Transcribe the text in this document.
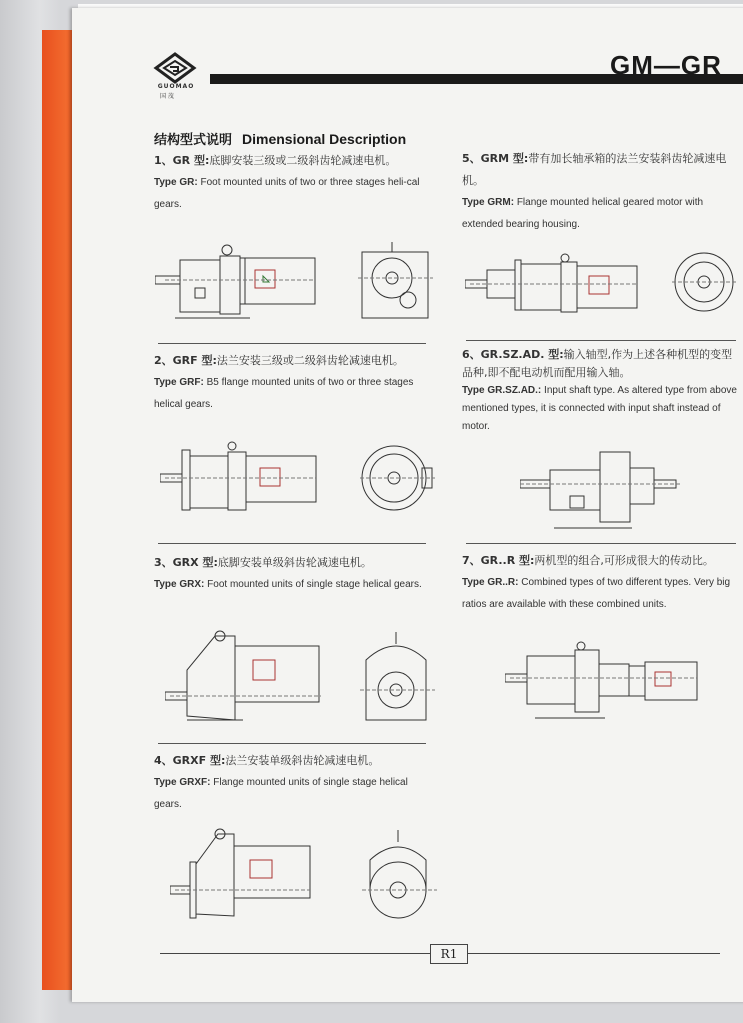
GUOMAO
国 茂
GM—GR
结构型式说明 Dimensional Description
1、GR 型:底脚安装三级或二级斜齿轮减速电机。
Type GR: Foot mounted units of two or three stages heli-cal gears.
2、GRF 型:法兰安装三级或二级斜齿轮减速电机。
Type GRF: B5 flange mounted units of two or three stages helical gears.
3、GRX 型:底脚安装单级斜齿轮减速电机。
Type GRX: Foot mounted units of single stage helical gears.
4、GRXF 型:法兰安装单级斜齿轮减速电机。
Type GRXF: Flange mounted units of single stage helical gears.
5、GRM 型:带有加长轴承箱的法兰安装斜齿轮减速电机。
Type GRM: Flange mounted helical geared motor with extended bearing housing.
6、GR.SZ.AD. 型:输入轴型,作为上述各种机型的变型品种,即不配电动机而配用输入轴。
Type GR.SZ.AD.: Input shaft type. As altered type from above mentioned types, it is connected with input shaft instead of motor.
7、GR..R 型:两机型的组合,可形成很大的传动比。
Type GR..R: Combined types of two different types. Very big ratios are available with these combined units.
R1
